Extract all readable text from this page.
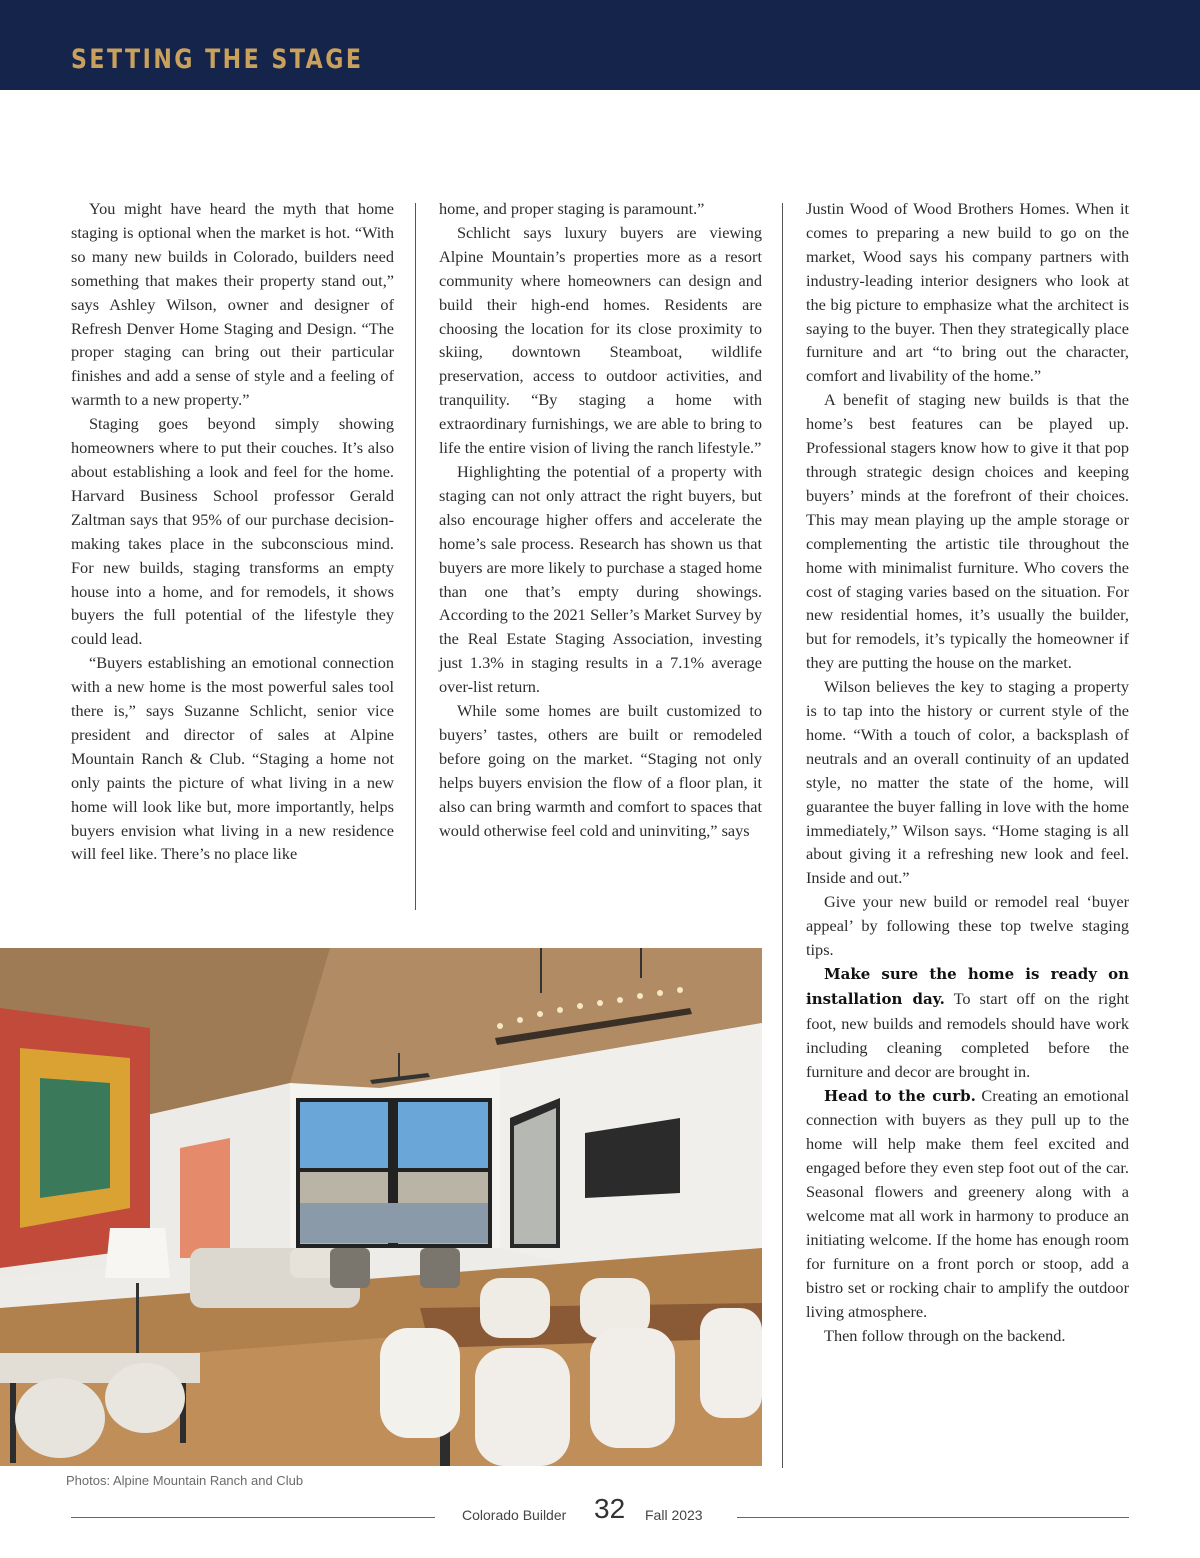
SETTING THE STAGE

You might have heard the myth that home staging is optional when the market is hot. “With so many new builds in Colorado, builders need something that makes their property stand out,” says Ashley Wilson, owner and designer of Refresh Denver Home Staging and Design. “The proper staging can bring out their particular finishes and add a sense of style and a feeling of warmth to a new property.”

Staging goes beyond simply showing homeowners where to put their couches. It’s also about establishing a look and feel for the home. Harvard Business School professor Gerald Zaltman says that 95% of our purchase decision-making takes place in the subconscious mind. For new builds, staging transforms an empty house into a home, and for remodels, it shows buyers the full potential of the lifestyle they could lead.

“Buyers establishing an emotional connection with a new home is the most powerful sales tool there is,” says Suzanne Schlicht, senior vice president and director of sales at Alpine Mountain Ranch & Club. “Staging a home not only paints the picture of what living in a new home will look like but, more importantly, helps buyers envision what living in a new residence will feel like. There’s no place like

home, and proper staging is paramount.”

Schlicht says luxury buyers are viewing Alpine Mountain’s properties more as a resort community where homeowners can design and build their high-end homes. Residents are choosing the location for its close proximity to skiing, downtown Steamboat, wildlife preservation, access to outdoor activities, and tranquility. “By staging a home with extraordinary furnishings, we are able to bring to life the entire vision of living the ranch lifestyle.”

Highlighting the potential of a property with staging can not only attract the right buyers, but also encourage higher offers and accelerate the home’s sale process. Research has shown us that buyers are more likely to purchase a staged home than one that’s empty during showings. According to the 2021 Seller’s Market Survey by the Real Estate Staging Association, investing just 1.3% in staging results in a 7.1% average over-list return.

While some homes are built customized to buyers’ tastes, others are built or remodeled before going on the market. “Staging not only helps buyers envision the flow of a floor plan, it also can bring warmth and comfort to spaces that would otherwise feel cold and uninviting,” says

Justin Wood of Wood Brothers Homes. When it comes to preparing a new build to go on the market, Wood says his company partners with industry-leading interior designers who look at the big picture to emphasize what the architect is saying to the buyer. Then they strategically place furniture and art “to bring out the character, comfort and livability of the home.”

A benefit of staging new builds is that the home’s best features can be played up. Professional stagers know how to give it that pop through strategic design choices and keeping buyers’ minds at the forefront of their choices. This may mean playing up the ample storage or complementing the artistic tile throughout the home with minimalist furniture. Who covers the cost of staging varies based on the situation. For new residential homes, it’s usually the builder, but for remodels, it’s typically the homeowner if they are putting the house on the market.

Wilson believes the key to staging a property is to tap into the history or current style of the home. “With a touch of color, a backsplash of neutrals and an overall continuity of an updated style, no matter the state of the home, will guarantee the buyer falling in love with the home immediately,” Wilson says. “Home staging is all about giving it a refreshing new look and feel. Inside and out.”

Give your new build or remodel real ‘buyer appeal’ by following these top twelve staging tips.

Make sure the home is ready on installation day. To start off on the right foot, new builds and remodels should have work including cleaning completed before the furniture and decor are brought in.

Head to the curb. Creating an emotional connection with buyers as they pull up to the home will help make them feel excited and engaged before they even step foot out of the car. Seasonal flowers and greenery along with a welcome mat all work in harmony to produce an initiating welcome. If the home has enough room for furniture on a front porch or stoop, add a bistro set or rocking chair to amplify the outdoor living atmosphere.

Then follow through on the backend.

Photos: Alpine Mountain Ranch and Club
Colorado Builder 32 Fall 2023
